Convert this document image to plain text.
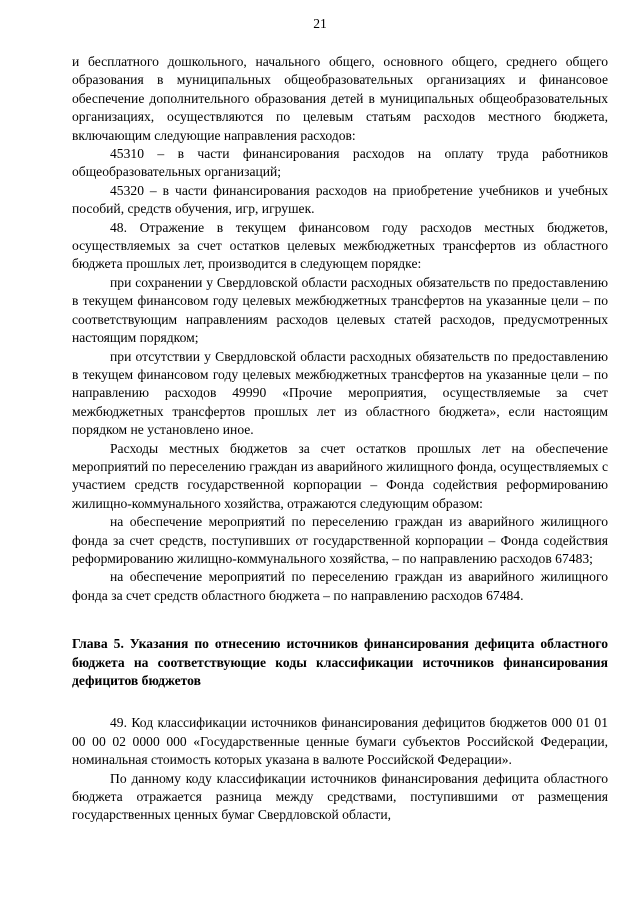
21

и бесплатного дошкольного, начального общего, основного общего, среднего общего образования в муниципальных общеобразовательных организациях и финансовое обеспечение дополнительного образования детей в муниципальных общеобразовательных организациях, осуществляются по целевым статьям расходов местного бюджета, включающим следующие направления расходов:

45310 – в части финансирования расходов на оплату труда работников общеобразовательных организаций;

45320 – в части финансирования расходов на приобретение учебников и учебных пособий, средств обучения, игр, игрушек.

48. Отражение в текущем финансовом году расходов местных бюджетов, осуществляемых за счет остатков целевых межбюджетных трансфертов из областного бюджета прошлых лет, производится в следующем порядке:

при сохранении у Свердловской области расходных обязательств по предоставлению в текущем финансовом году целевых межбюджетных трансфертов на указанные цели – по соответствующим направлениям расходов целевых статей расходов, предусмотренных настоящим порядком;

при отсутствии у Свердловской области расходных обязательств по предоставлению в текущем финансовом году целевых межбюджетных трансфертов на указанные цели – по направлению расходов 49990 «Прочие мероприятия, осуществляемые за счет межбюджетных трансфертов прошлых лет из областного бюджета», если настоящим порядком не установлено иное.

Расходы местных бюджетов за счет остатков прошлых лет на обеспечение мероприятий по переселению граждан из аварийного жилищного фонда, осуществляемых с участием средств государственной корпорации – Фонда содействия реформированию жилищно-коммунального хозяйства, отражаются следующим образом:

на обеспечение мероприятий по переселению граждан из аварийного жилищного фонда за счет средств, поступивших от государственной корпорации – Фонда содействия реформированию жилищно-коммунального хозяйства, – по направлению расходов 67483;

на обеспечение мероприятий по переселению граждан из аварийного жилищного фонда за счет средств областного бюджета – по направлению расходов 67484.

Глава 5. Указания по отнесению источников финансирования дефицита областного бюджета на соответствующие коды классификации источников финансирования дефицитов бюджетов

49. Код классификации источников финансирования дефицитов бюджетов 000 01 01 00 00 02 0000 000 «Государственные ценные бумаги субъектов Российской Федерации, номинальная стоимость которых указана в валюте Российской Федерации».

По данному коду классификации источников финансирования дефицита областного бюджета отражается разница между средствами, поступившими от размещения государственных ценных бумаг Свердловской области,
